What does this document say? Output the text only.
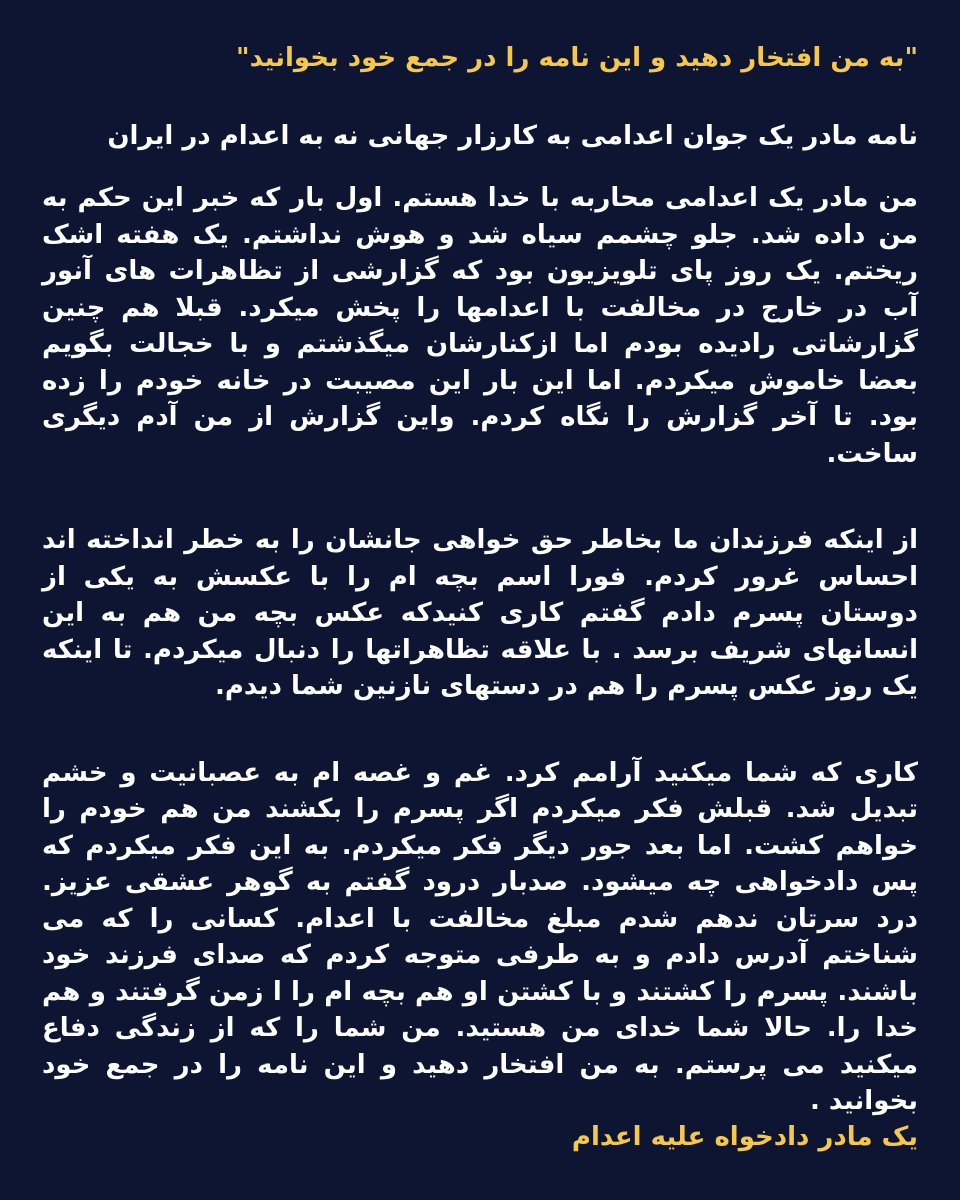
"به من افتخار دهید و این نامه را در جمع خود بخوانید"

نامه مادر یک جوان اعدامی به کارزار جهانی نه به اعدام در ایران

من مادر یک اعدامی محاربه با خدا هستم. اول بار که خبر این حکم به من داده شد. جلو چشمم سیاه شد و هوش نداشتم. یک هفته اشک ریختم. یک روز پای تلویزیون بود که گزارشی از تظاهرات های آنور آب در خارج در مخالفت با اعدامها را پخش میکرد. قبلا هم چنین گزارشاتی رادیده بودم اما ازکنارشان میگذشتم و با خجالت بگویم بعضا خاموش میکردم. اما این بار این مصیبت در خانه خودم را زده بود. تا آخر گزارش را نگاه کردم. واین گزارش از من آدم دیگری ساخت.

از اینکه فرزندان ما بخاطر حق خواهی جانشان را به خطر انداخته اند احساس غرور کردم. فورا اسم بچه ام را با عکسش به یکی از دوستان پسرم دادم گفتم کاری کنیدکه عکس بچه من هم به این انسانهای شریف برسد . با علاقه تظاهراتها را دنبال میکردم. تا اینکه یک روز عکس پسرم را هم در دستهای نازنین شما دیدم.

کاری که شما میکنید آرامم کرد. غم و غصه ام به عصبانیت و خشم تبدیل شد. قبلش فکر میکردم اگر پسرم را بکشند من هم خودم را خواهم کشت. اما بعد جور دیگر فکر میکردم. به این فکر میکردم که پس دادخواهی چه میشود. صدبار درود گفتم به گوهر عشقی عزیز. درد سرتان ندهم شدم مبلغ مخالفت با اعدام. کسانی را که می شناختم آدرس دادم و به طرفی متوجه کردم که صدای فرزند خود باشند. پسرم را کشتند و با کشتن او هم بچه ام را ا زمن گرفتند و هم خدا را. حالا شما خدای من هستید. من شما را که از زندگی دفاع میکنید می پرستم. به من افتخار دهید و این نامه را در جمع خود بخوانید .

یک مادر دادخواه علیه اعدام
